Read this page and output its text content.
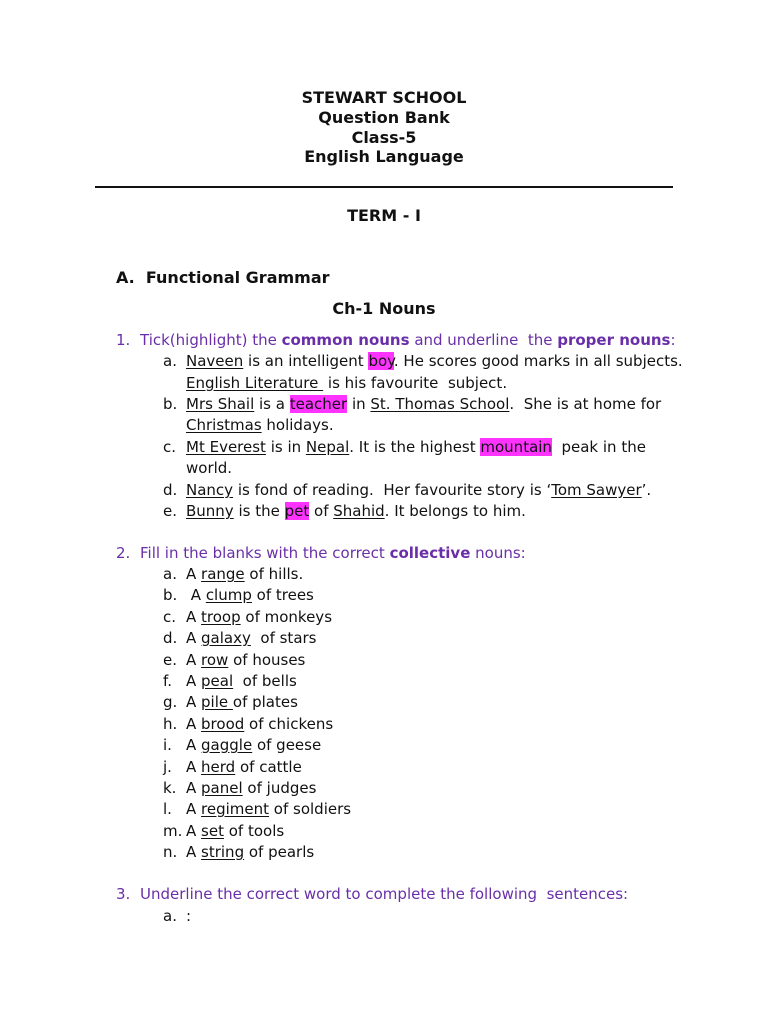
STEWART SCHOOL
Question Bank
Class-5
English Language
TERM - I
A. Functional Grammar
Ch-1 Nouns
1. Tick(highlight) the common nouns and underline  the proper nouns:
a. Naveen is an intelligent boy. He scores good marks in all subjects.
English Literature  is his favourite  subject.
b. Mrs Shail is a teacher in St. Thomas School.  She is at home for
Christmas holidays.
c. Mt Everest is in Nepal. It is the highest mountain  peak in the
world.
d. Nancy is fond of reading.  Her favourite story is ‘Tom Sawyer’.
e. Bunny is the pet of Shahid. It belongs to him.
2. Fill in the blanks with the correct collective nouns:
a. A range of hills.
b. A clump of trees
c. A troop of monkeys
d. A galaxy  of stars
e. A row of houses
f. A peal  of bells
g. A pile of plates
h. A brood of chickens
i. A gaggle of geese
j. A herd of cattle
k. A panel of judges
l. A regiment of soldiers
m. A set of tools
n. A string of pearls
3. Underline the correct word to complete the following  sentences:
a. :
